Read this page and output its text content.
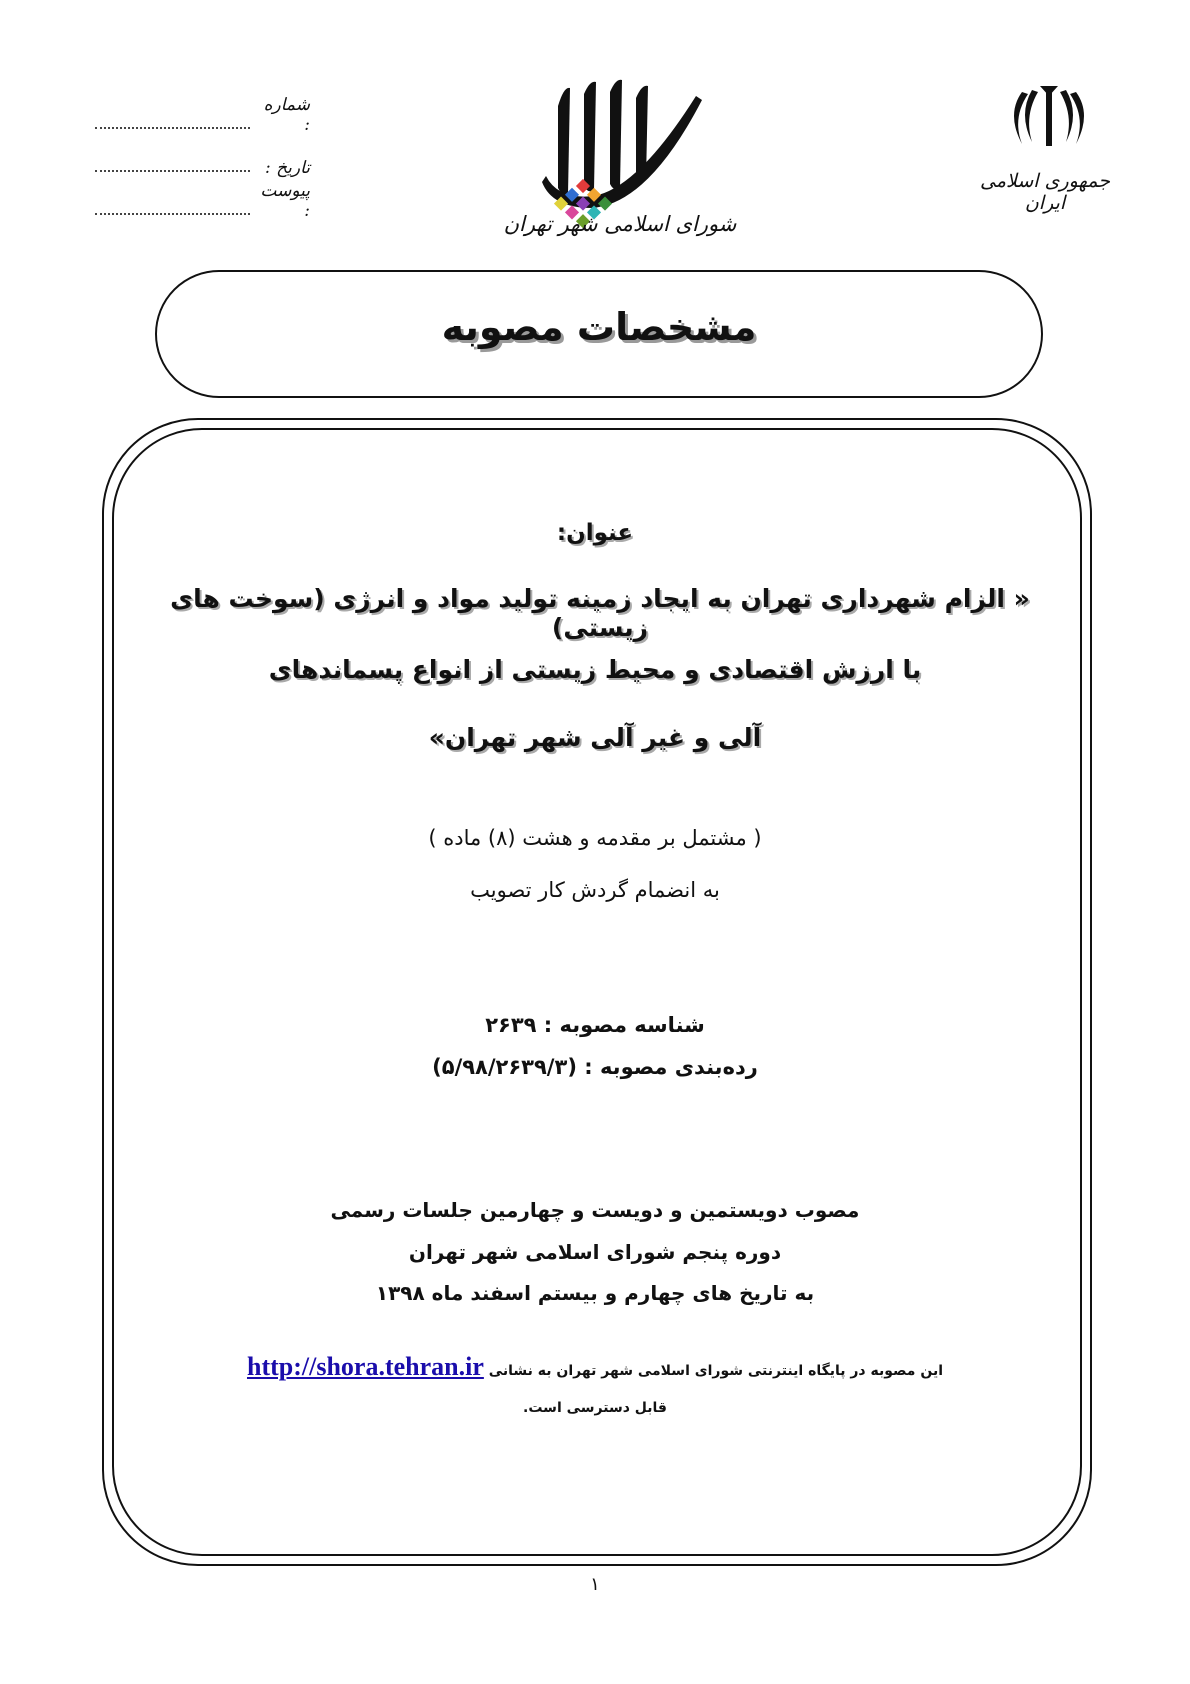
شماره :
تاریخ :
پیوست :
شورای اسلامی شهر تهران
جمهوری اسلامی ایران
مشخصات مصوبه
عنوان:
« الزام شهرداری تهران به ایجاد زمینه تولید مواد و انرژی (سوخت های زیستی)
با ارزش اقتصادی و محیط زیستی از انواع پسماندهای
آلی و غیر آلی شهر تهران»
( مشتمل بر مقدمه و هشت (۸) ماده )
به انضمام گردش کار تصویب
شناسه مصوبه : ۲۶۳۹
رده‌بندی مصوبه : (۵/۹۸/۲۶۳۹/۳)
مصوب دویستمین و دویست و چهارمین جلسات رسمی
دوره پنجم شورای اسلامی شهر تهران
به تاریخ های چهارم و بیستم اسفند ماه ۱۳۹۸
این مصوبه در پایگاه اینترنتی شورای اسلامی شهر تهران به نشانی http://shora.tehran.ir
قابل دسترسی است.
۱
